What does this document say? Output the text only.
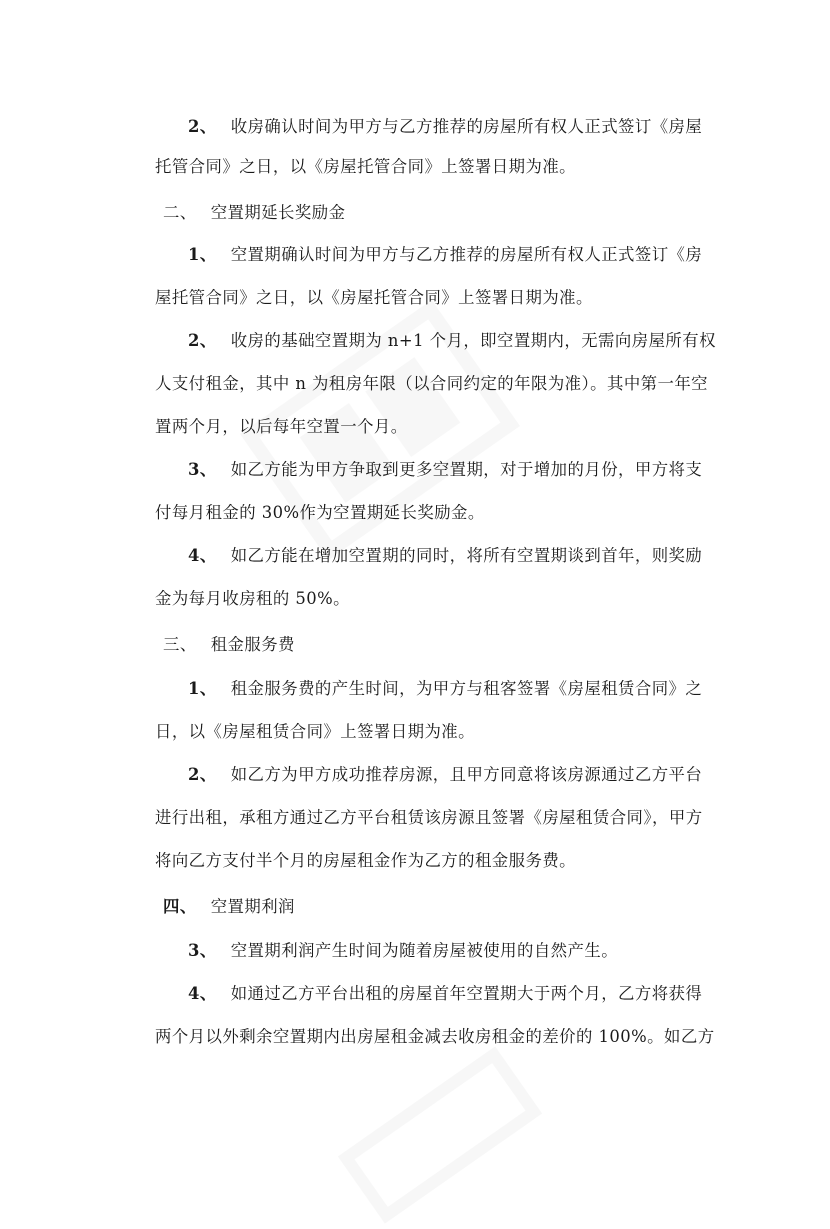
2、 收房确认时间为甲方与乙方推荐的房屋所有权人正式签订《房屋
托管合同》之日，以《房屋托管合同》上签署日期为准。
二、 空置期延长奖励金
1、 空置期确认时间为甲方与乙方推荐的房屋所有权人正式签订《房
屋托管合同》之日，以《房屋托管合同》上签署日期为准。
2、 收房的基础空置期为 n+1 个月，即空置期内，无需向房屋所有权
人支付租金，其中 n 为租房年限（以合同约定的年限为准）。其中第一年空
置两个月，以后每年空置一个月。
3、 如乙方能为甲方争取到更多空置期，对于增加的月份，甲方将支
付每月租金的 30%作为空置期延长奖励金。
4、 如乙方能在增加空置期的同时，将所有空置期谈到首年，则奖励
金为每月收房租的 50%。
三、 租金服务费
1、 租金服务费的产生时间，为甲方与租客签署《房屋租赁合同》之
日，以《房屋租赁合同》上签署日期为准。
2、 如乙方为甲方成功推荐房源，且甲方同意将该房源通过乙方平台
进行出租，承租方通过乙方平台租赁该房源且签署《房屋租赁合同》，甲方
将向乙方支付半个月的房屋租金作为乙方的租金服务费。
四、 空置期利润
3、 空置期利润产生时间为随着房屋被使用的自然产生。
4、 如通过乙方平台出租的房屋首年空置期大于两个月，乙方将获得
两个月以外剩余空置期内出房屋租金减去收房租金的差价的 100%。如乙方
